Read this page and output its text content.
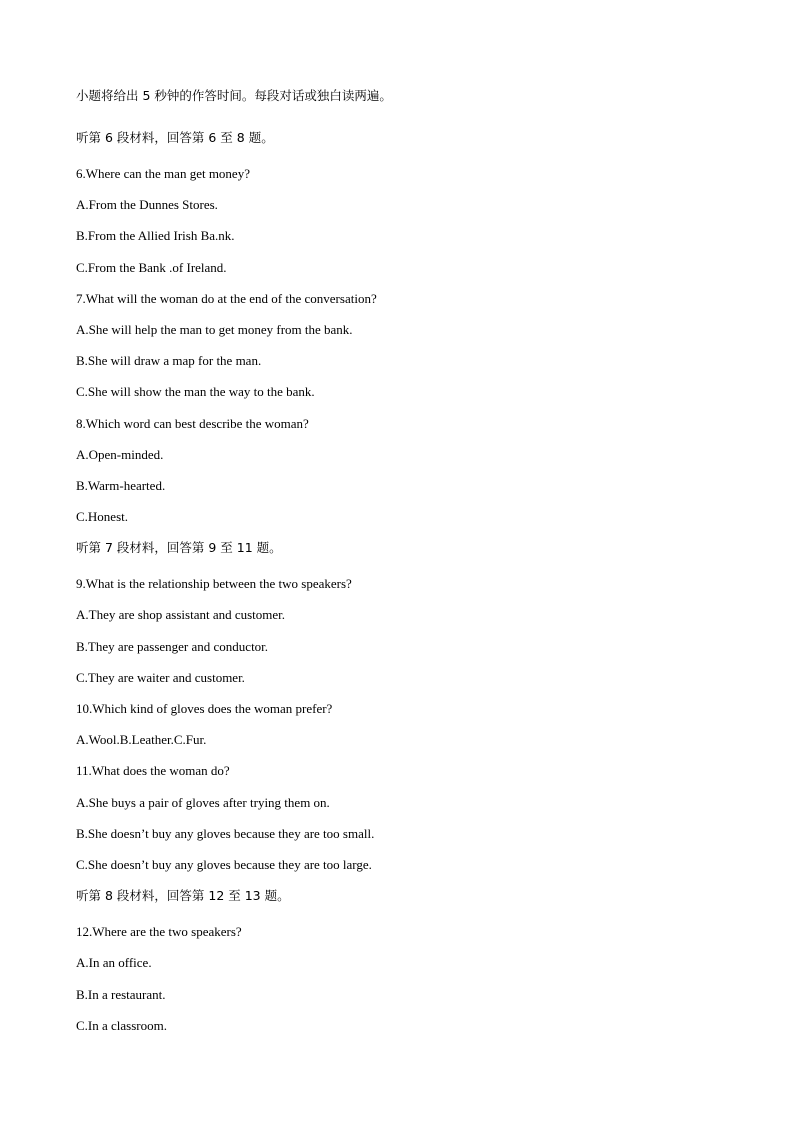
小题将给出 5 秒钟的作答时间。每段对话或独白读两遍。
听第 6 段材料，回答第 6 至 8 题。
6.Where can the man get money?
A.From the Dunnes Stores.
B.From the Allied Irish Ba.nk.
C.From the Bank .of Ireland.
7.What will the woman do at the end of the conversation?
A.She will help the man to get money from the bank.
B.She will draw a map for the man.
C.She will show the man the way to the bank.
8.Which word can best describe the woman?
A.Open-minded.
B.Warm-hearted.
C.Honest.
听第 7 段材料，回答第 9 至 11 题。
9.What is the relationship between the two speakers?
A.They are shop assistant and customer.
B.They are passenger and conductor.
C.They are waiter and customer.
10.Which kind of gloves does the woman prefer?
A.Wool.B.Leather.C.Fur.
11.What does the woman do?
A.She buys a pair of gloves after trying them on.
B.She doesn’t buy any gloves because they are too small.
C.She doesn’t buy any gloves because they are too large.
听第 8 段材料，回答第 12 至 13 题。
12.Where are the two speakers?
A.In an office.
B.In a restaurant.
C.In a classroom.
